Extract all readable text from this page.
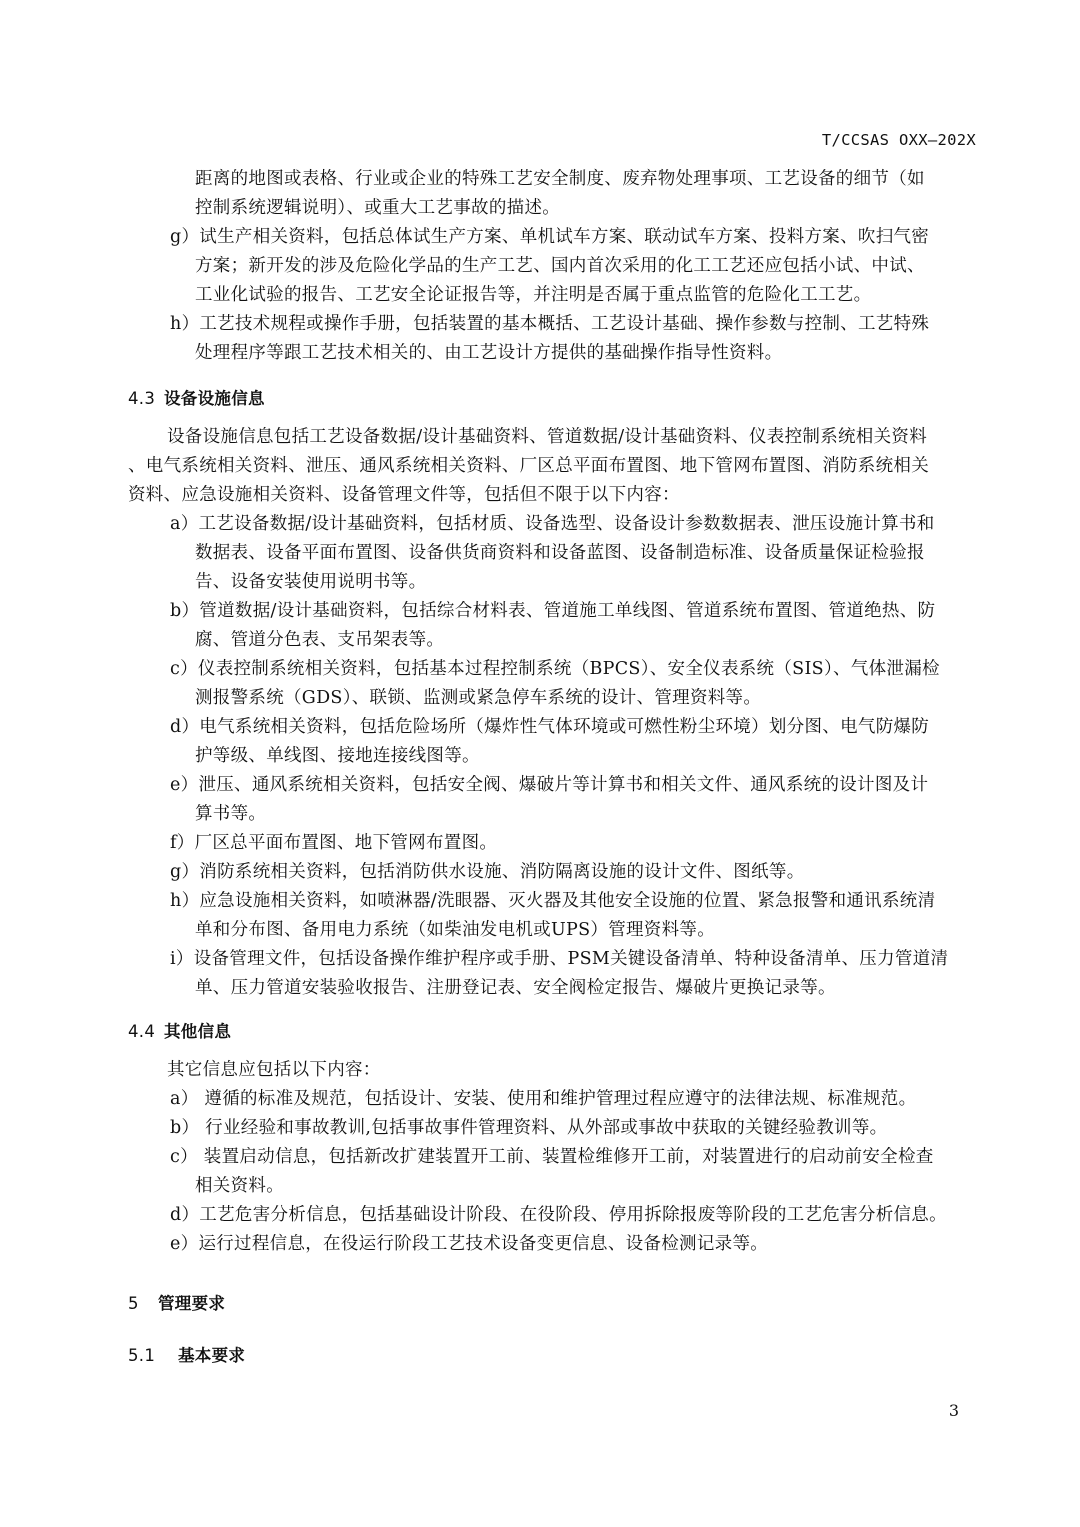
T/CCSAS OXX—202X
距离的地图或表格、行业或企业的特殊工艺安全制度、废弃物处理事项、工艺设备的细节（如
控制系统逻辑说明）、或重大工艺事故的描述。
g）试生产相关资料，包括总体试生产方案、单机试车方案、联动试车方案、投料方案、吹扫气密
方案；新开发的涉及危险化学品的生产工艺、国内首次采用的化工工艺还应包括小试、中试、
工业化试验的报告、工艺安全论证报告等，并注明是否属于重点监管的危险化工工艺。
h）工艺技术规程或操作手册，包括装置的基本概括、工艺设计基础、操作参数与控制、工艺特殊
处理程序等跟工艺技术相关的、由工艺设计方提供的基础操作指导性资料。
4.3 设备设施信息
设备设施信息包括工艺设备数据/设计基础资料、管道数据/设计基础资料、仪表控制系统相关资料
、电气系统相关资料、泄压、通风系统相关资料、厂区总平面布置图、地下管网布置图、消防系统相关
资料、应急设施相关资料、设备管理文件等，包括但不限于以下内容：
a）工艺设备数据/设计基础资料，包括材质、设备选型、设备设计参数数据表、泄压设施计算书和
数据表、设备平面布置图、设备供货商资料和设备蓝图、设备制造标准、设备质量保证检验报
告、设备安装使用说明书等。
b）管道数据/设计基础资料，包括综合材料表、管道施工单线图、管道系统布置图、管道绝热、防
腐、管道分色表、支吊架表等。
c）仪表控制系统相关资料，包括基本过程控制系统（BPCS）、安全仪表系统（SIS）、气体泄漏检
测报警系统（GDS）、联锁、监测或紧急停车系统的设计、管理资料等。
d）电气系统相关资料，包括危险场所（爆炸性气体环境或可燃性粉尘环境）划分图、电气防爆防
护等级、单线图、接地连接线图等。
e）泄压、通风系统相关资料，包括安全阀、爆破片等计算书和相关文件、通风系统的设计图及计
算书等。
f）厂区总平面布置图、地下管网布置图。
g）消防系统相关资料，包括消防供水设施、消防隔离设施的设计文件、图纸等。
h）应急设施相关资料，如喷淋器/洗眼器、灭火器及其他安全设施的位置、紧急报警和通讯系统清
单和分布图、备用电力系统（如柴油发电机或UPS）管理资料等。
i）设备管理文件，包括设备操作维护程序或手册、PSM关键设备清单、特种设备清单、压力管道清
单、压力管道安装验收报告、注册登记表、安全阀检定报告、爆破片更换记录等。
4.4 其他信息
其它信息应包括以下内容：
a） 遵循的标准及规范，包括设计、安装、使用和维护管理过程应遵守的法律法规、标准规范。
b） 行业经验和事故教训,包括事故事件管理资料、从外部或事故中获取的关键经验教训等。
c） 装置启动信息，包括新改扩建装置开工前、装置检维修开工前，对装置进行的启动前安全检查
相关资料。
d）工艺危害分析信息，包括基础设计阶段、在役阶段、停用拆除报废等阶段的工艺危害分析信息。
e）运行过程信息，在役运行阶段工艺技术设备变更信息、设备检测记录等。
5 管理要求
5.1 基本要求
3
